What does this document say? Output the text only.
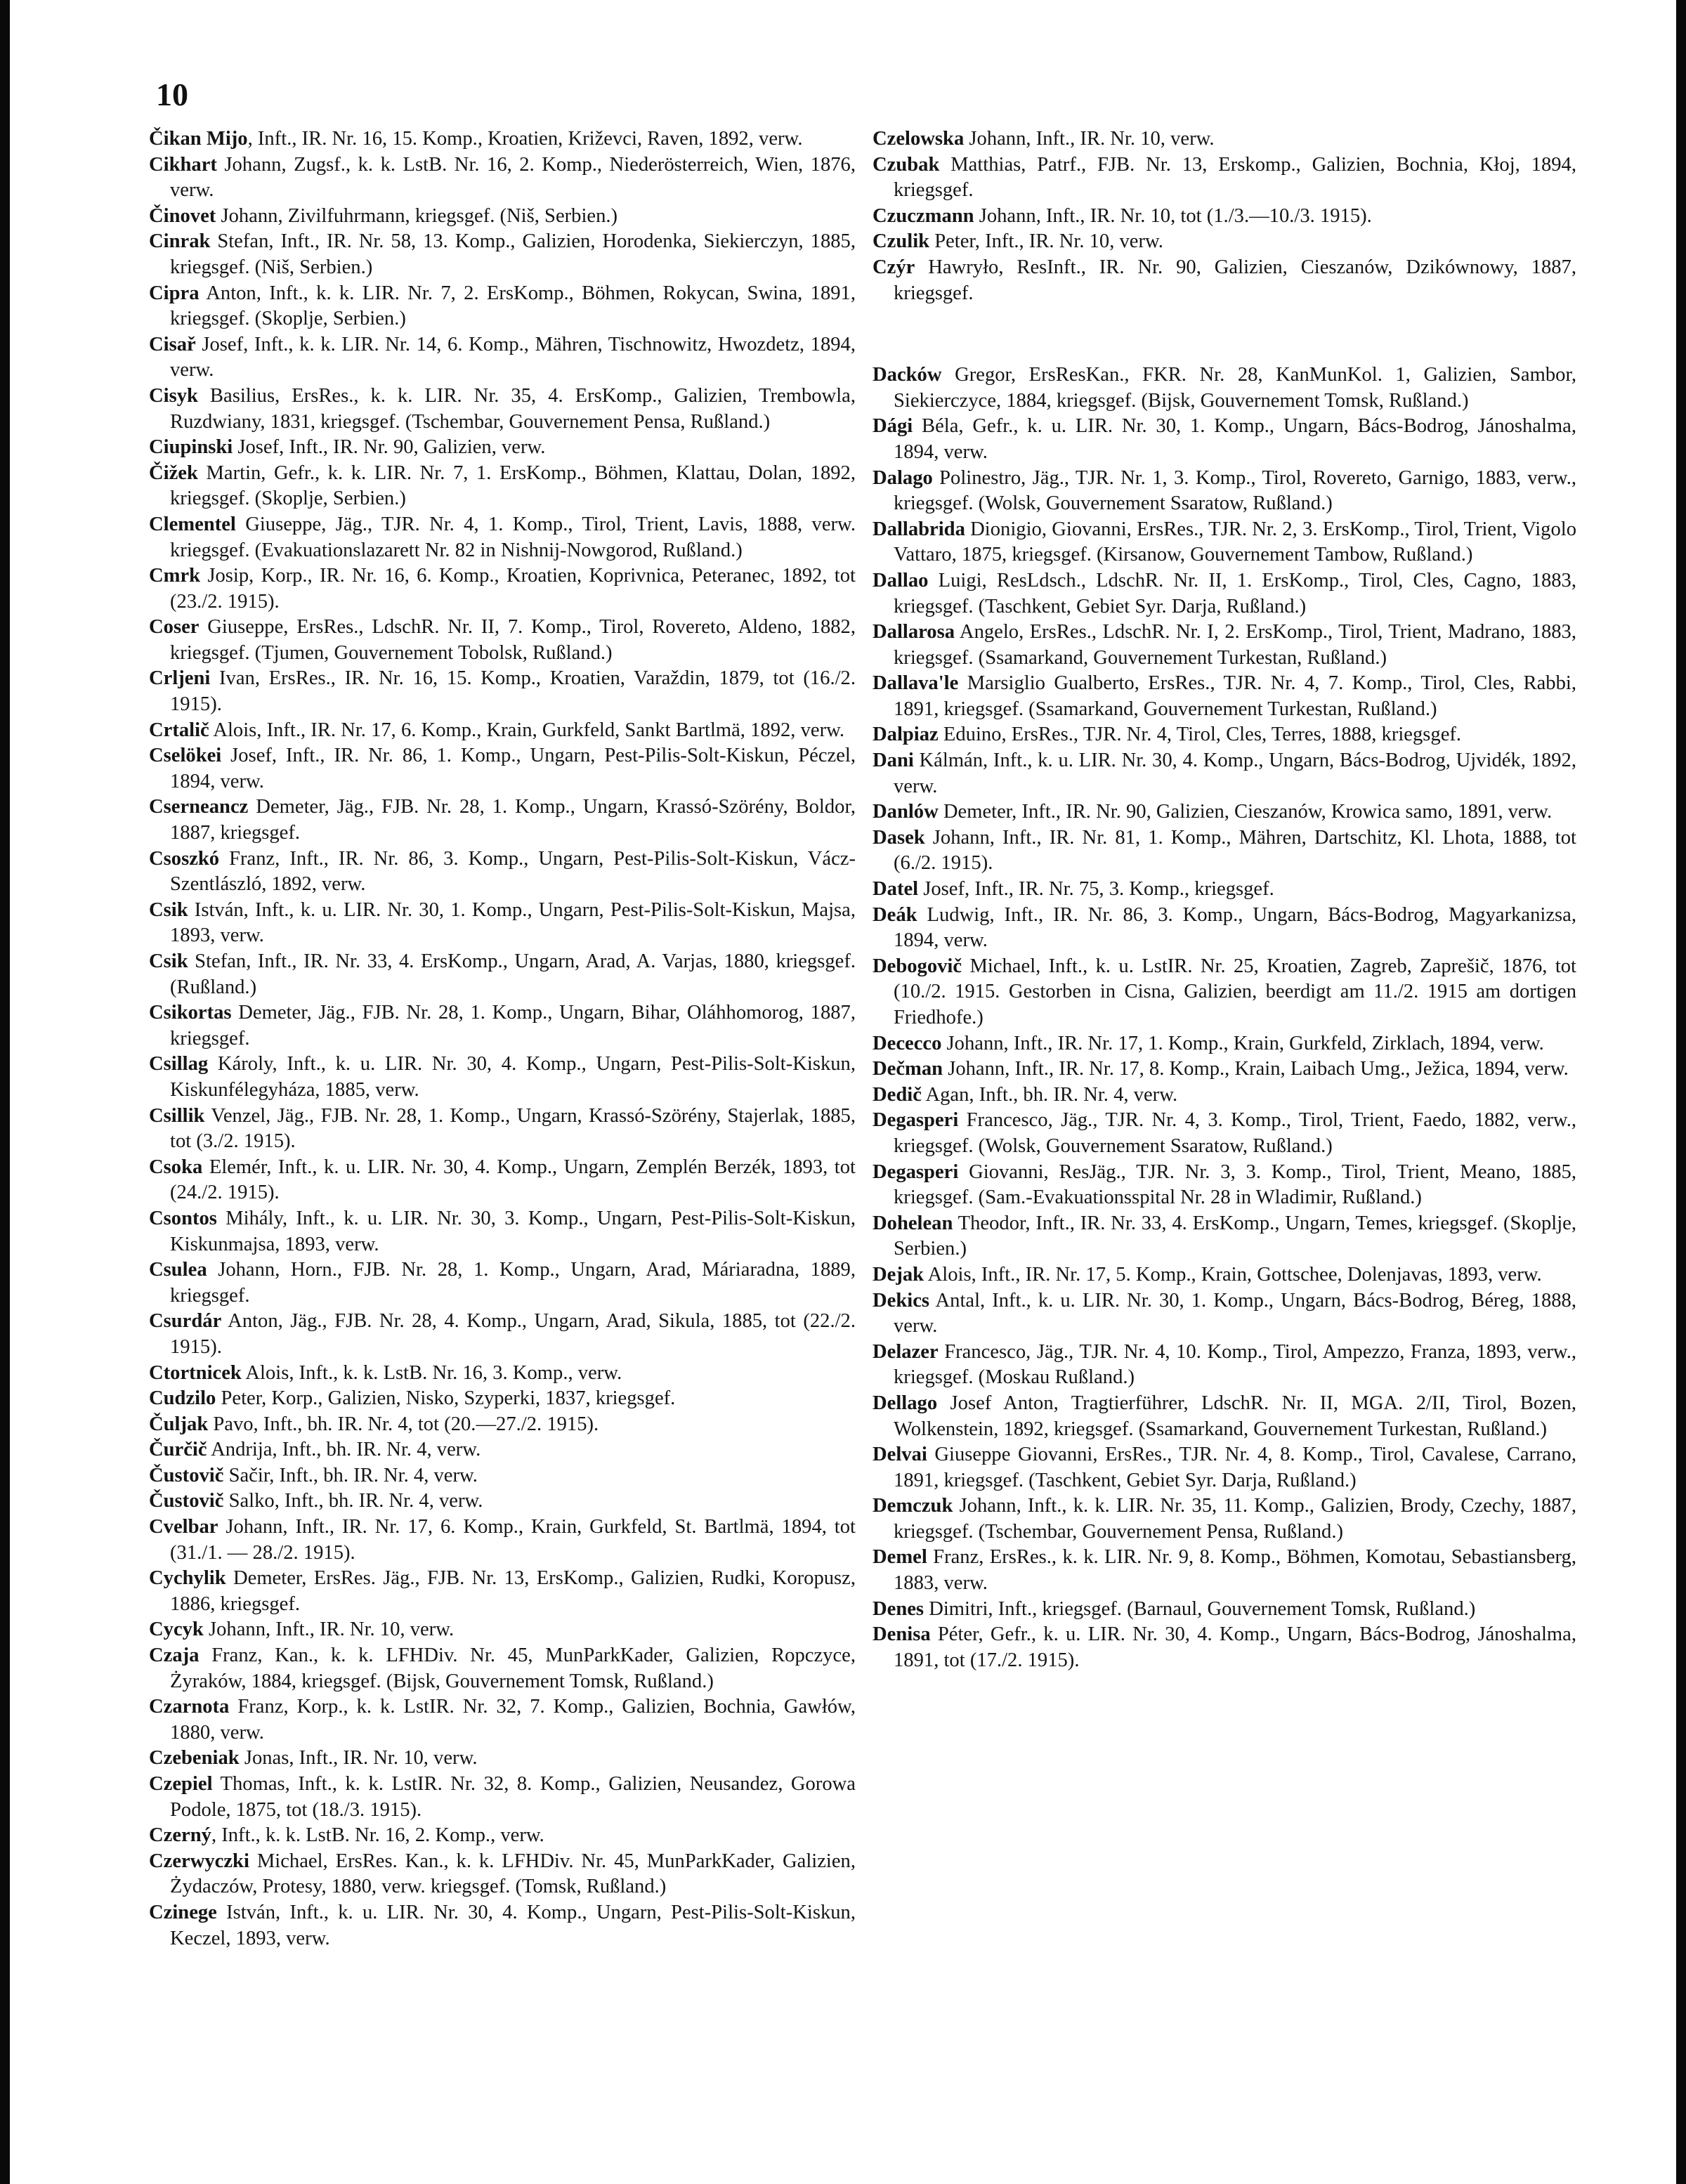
10

Čikan Mijo, Inft., IR. Nr. 16, 15. Komp., Kroatien, Križevci, Raven, 1892, verw.

Cikhart Johann, Zugsf., k. k. LstB. Nr. 16, 2. Komp., Niederösterreich, Wien, 1876, verw.

Činovet Johann, Zivilfuhrmann, kriegsgef. (Niš, Serbien.)

Cinrak Stefan, Inft., IR. Nr. 58, 13. Komp., Galizien, Horodenka, Siekierczyn, 1885, kriegsgef. (Niš, Serbien.)

Cipra Anton, Inft., k. k. LIR. Nr. 7, 2. ErsKomp., Böhmen, Rokycan, Swina, 1891, kriegsgef. (Skoplje, Serbien.)

Cisař Josef, Inft., k. k. LIR. Nr. 14, 6. Komp., Mähren, Tischnowitz, Hwozdetz, 1894, verw.

Cisyk Basilius, ErsRes., k. k. LIR. Nr. 35, 4. ErsKomp., Galizien, Trembowla, Ruzdwiany, 1831, kriegsgef. (Tschembar, Gouvernement Pensa, Rußland.)

Ciupinski Josef, Inft., IR. Nr. 90, Galizien, verw.

Čižek Martin, Gefr., k. k. LIR. Nr. 7, 1. ErsKomp., Böhmen, Klattau, Dolan, 1892, kriegsgef. (Skoplje, Serbien.)

Clementel Giuseppe, Jäg., TJR. Nr. 4, 1. Komp., Tirol, Trient, Lavis, 1888, verw. kriegsgef. (Evakuationslazarett Nr. 82 in Nishnij-Nowgorod, Rußland.)

Cmrk Josip, Korp., IR. Nr. 16, 6. Komp., Kroatien, Koprivnica, Peteranec, 1892, tot (23./2. 1915).

Coser Giuseppe, ErsRes., LdschR. Nr. II, 7. Komp., Tirol, Rovereto, Aldeno, 1882, kriegsgef. (Tjumen, Gouvernement Tobolsk, Rußland.)

Crljeni Ivan, ErsRes., IR. Nr. 16, 15. Komp., Kroatien, Varaždin, 1879, tot (16./2. 1915).

Crtalič Alois, Inft., IR. Nr. 17, 6. Komp., Krain, Gurkfeld, Sankt Bartlmä, 1892, verw.

Cselökei Josef, Inft., IR. Nr. 86, 1. Komp., Ungarn, Pest-Pilis-Solt-Kiskun, Péczel, 1894, verw.

Cserneancz Demeter, Jäg., FJB. Nr. 28, 1. Komp., Ungarn, Krassó-Szörény, Boldor, 1887, kriegsgef.

Csoszkó Franz, Inft., IR. Nr. 86, 3. Komp., Ungarn, Pest-Pilis-Solt-Kiskun, Vácz-Szentlászló, 1892, verw.

Csik István, Inft., k. u. LIR. Nr. 30, 1. Komp., Ungarn, Pest-Pilis-Solt-Kiskun, Majsa, 1893, verw.

Csik Stefan, Inft., IR. Nr. 33, 4. ErsKomp., Ungarn, Arad, A. Varjas, 1880, kriegsgef. (Rußland.)

Csikortas Demeter, Jäg., FJB. Nr. 28, 1. Komp., Ungarn, Bihar, Oláhhomorog, 1887, kriegsgef.

Csillag Károly, Inft., k. u. LIR. Nr. 30, 4. Komp., Ungarn, Pest-Pilis-Solt-Kiskun, Kiskunfélegyháza, 1885, verw.

Csillik Venzel, Jäg., FJB. Nr. 28, 1. Komp., Ungarn, Krassó-Szörény, Stajerlak, 1885, tot (3./2. 1915).

Csoka Elemér, Inft., k. u. LIR. Nr. 30, 4. Komp., Ungarn, Zemplén Berzék, 1893, tot (24./2. 1915).

Csontos Mihály, Inft., k. u. LIR. Nr. 30, 3. Komp., Ungarn, Pest-Pilis-Solt-Kiskun, Kiskunmajsa, 1893, verw.

Csulea Johann, Horn., FJB. Nr. 28, 1. Komp., Ungarn, Arad, Máriaradna, 1889, kriegsgef.

Csurdár Anton, Jäg., FJB. Nr. 28, 4. Komp., Ungarn, Arad, Sikula, 1885, tot (22./2. 1915).

Ctortnicek Alois, Inft., k. k. LstB. Nr. 16, 3. Komp., verw.

Cudzilo Peter, Korp., Galizien, Nisko, Szyperki, 1837, kriegsgef.

Čuljak Pavo, Inft., bh. IR. Nr. 4, tot (20.—27./2. 1915).

Čurčič Andrija, Inft., bh. IR. Nr. 4, verw.

Čustovič Sačir, Inft., bh. IR. Nr. 4, verw.

Čustovič Salko, Inft., bh. IR. Nr. 4, verw.

Cvelbar Johann, Inft., IR. Nr. 17, 6. Komp., Krain, Gurkfeld, St. Bartlmä, 1894, tot (31./1. — 28./2. 1915).

Cychylik Demeter, ErsRes. Jäg., FJB. Nr. 13, ErsKomp., Galizien, Rudki, Koropusz, 1886, kriegsgef.

Cycyk Johann, Inft., IR. Nr. 10, verw.

Czaja Franz, Kan., k. k. LFHDiv. Nr. 45, MunParkKader, Galizien, Ropczyce, Żyraków, 1884, kriegsgef. (Bijsk, Gouvernement Tomsk, Rußland.)

Czarnota Franz, Korp., k. k. LstIR. Nr. 32, 7. Komp., Galizien, Bochnia, Gawłów, 1880, verw.

Czebeniak Jonas, Inft., IR. Nr. 10, verw.

Czepiel Thomas, Inft., k. k. LstIR. Nr. 32, 8. Komp., Galizien, Neusandez, Gorowa Podole, 1875, tot (18./3. 1915).

Czerný, Inft., k. k. LstB. Nr. 16, 2. Komp., verw.

Czerwyczki Michael, ErsRes. Kan., k. k. LFHDiv. Nr. 45, MunParkKader, Galizien, Żydaczów, Protesy, 1880, verw. kriegsgef. (Tomsk, Rußland.)

Czinege István, Inft., k. u. LIR. Nr. 30, 4. Komp., Ungarn, Pest-Pilis-Solt-Kiskun, Keczel, 1893, verw.

Czelowska Johann, Inft., IR. Nr. 10, verw.

Czubak Matthias, Patrf., FJB. Nr. 13, Erskomp., Galizien, Bochnia, Kłoj, 1894, kriegsgef.

Czuczmann Johann, Inft., IR. Nr. 10, tot (1./3.—10./3. 1915).

Czulik Peter, Inft., IR. Nr. 10, verw.

Czýr Hawryło, ResInft., IR. Nr. 90, Galizien, Cieszanów, Dzikównowy, 1887, kriegsgef.

Dacków Gregor, ErsResKan., FKR. Nr. 28, KanMunKol. 1, Galizien, Sambor, Siekierczyce, 1884, kriegsgef. (Bijsk, Gouvernement Tomsk, Rußland.)

Dági Béla, Gefr., k. u. LIR. Nr. 30, 1. Komp., Ungarn, Bács-Bodrog, Jánoshalma, 1894, verw.

Dalago Polinestro, Jäg., TJR. Nr. 1, 3. Komp., Tirol, Rovereto, Garnigo, 1883, verw., kriegsgef. (Wolsk, Gouvernement Ssaratow, Rußland.)

Dallabrida Dionigio, Giovanni, ErsRes., TJR. Nr. 2, 3. ErsKomp., Tirol, Trient, Vigolo Vattaro, 1875, kriegsgef. (Kirsanow, Gouvernement Tambow, Rußland.)

Dallao Luigi, ResLdsch., LdschR. Nr. II, 1. ErsKomp., Tirol, Cles, Cagno, 1883, kriegsgef. (Taschkent, Gebiet Syr. Darja, Rußland.)

Dallarosa Angelo, ErsRes., LdschR. Nr. I, 2. ErsKomp., Tirol, Trient, Madrano, 1883, kriegsgef. (Ssamarkand, Gouvernement Turkestan, Rußland.)

Dallava'le Marsiglio Gualberto, ErsRes., TJR. Nr. 4, 7. Komp., Tirol, Cles, Rabbi, 1891, kriegsgef. (Ssamarkand, Gouvernement Turkestan, Rußland.)

Dalpiaz Eduino, ErsRes., TJR. Nr. 4, Tirol, Cles, Terres, 1888, kriegsgef.

Dani Kálmán, Inft., k. u. LIR. Nr. 30, 4. Komp., Ungarn, Bács-Bodrog, Ujvidék, 1892, verw.

Danlów Demeter, Inft., IR. Nr. 90, Galizien, Cieszanów, Krowica samo, 1891, verw.

Dasek Johann, Inft., IR. Nr. 81, 1. Komp., Mähren, Dartschitz, Kl. Lhota, 1888, tot (6./2. 1915).

Datel Josef, Inft., IR. Nr. 75, 3. Komp., kriegsgef.

Deák Ludwig, Inft., IR. Nr. 86, 3. Komp., Ungarn, Bács-Bodrog, Magyarkanizsa, 1894, verw.

Debogovič Michael, Inft., k. u. LstIR. Nr. 25, Kroatien, Zagreb, Zaprešič, 1876, tot (10./2. 1915. Gestorben in Cisna, Galizien, beerdigt am 11./2. 1915 am dortigen Friedhofe.)

Dececco Johann, Inft., IR. Nr. 17, 1. Komp., Krain, Gurkfeld, Zirklach, 1894, verw.

Dečman Johann, Inft., IR. Nr. 17, 8. Komp., Krain, Laibach Umg., Ježica, 1894, verw.

Dedič Agan, Inft., bh. IR. Nr. 4, verw.

Degasperi Francesco, Jäg., TJR. Nr. 4, 3. Komp., Tirol, Trient, Faedo, 1882, verw., kriegsgef. (Wolsk, Gouvernement Ssaratow, Rußland.)

Degasperi Giovanni, ResJäg., TJR. Nr. 3, 3. Komp., Tirol, Trient, Meano, 1885, kriegsgef. (Sam.-Evakuationsspital Nr. 28 in Wladimir, Rußland.)

Dohelean Theodor, Inft., IR. Nr. 33, 4. ErsKomp., Ungarn, Temes, kriegsgef. (Skoplje, Serbien.)

Dejak Alois, Inft., IR. Nr. 17, 5. Komp., Krain, Gottschee, Dolenjavas, 1893, verw.

Dekics Antal, Inft., k. u. LIR. Nr. 30, 1. Komp., Ungarn, Bács-Bodrog, Béreg, 1888, verw.

Delazer Francesco, Jäg., TJR. Nr. 4, 10. Komp., Tirol, Ampezzo, Franza, 1893, verw., kriegsgef. (Moskau Rußland.)

Dellago Josef Anton, Tragtierführer, LdschR. Nr. II, MGA. 2/II, Tirol, Bozen, Wolkenstein, 1892, kriegsgef. (Ssamarkand, Gouvernement Turkestan, Rußland.)

Delvai Giuseppe Giovanni, ErsRes., TJR. Nr. 4, 8. Komp., Tirol, Cavalese, Carrano, 1891, kriegsgef. (Taschkent, Gebiet Syr. Darja, Rußland.)

Demczuk Johann, Inft., k. k. LIR. Nr. 35, 11. Komp., Galizien, Brody, Czechy, 1887, kriegsgef. (Tschembar, Gouvernement Pensa, Rußland.)

Demel Franz, ErsRes., k. k. LIR. Nr. 9, 8. Komp., Böhmen, Komotau, Sebastiansberg, 1883, verw.

Denes Dimitri, Inft., kriegsgef. (Barnaul, Gouvernement Tomsk, Rußland.)

Denisa Péter, Gefr., k. u. LIR. Nr. 30, 4. Komp., Ungarn, Bács-Bodrog, Jánoshalma, 1891, tot (17./2. 1915).
